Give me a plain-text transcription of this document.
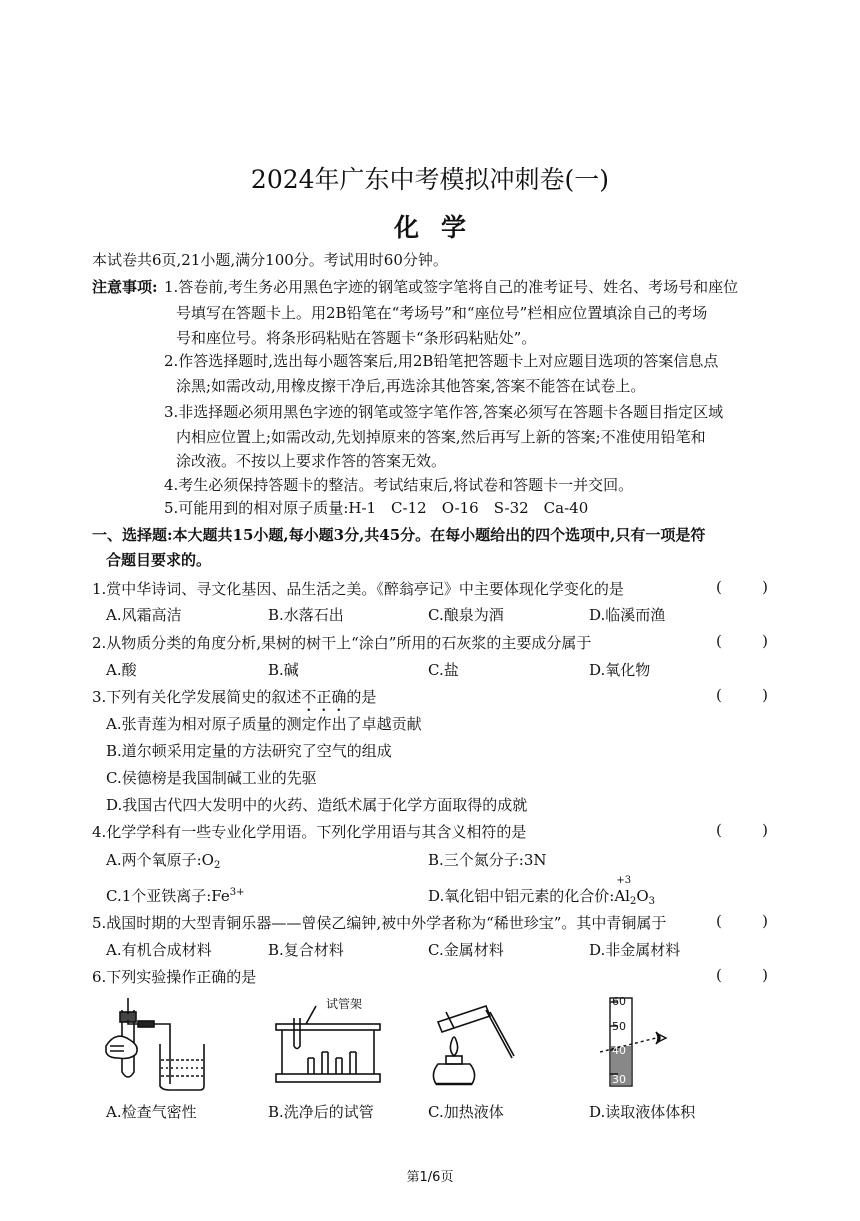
2024年广东中考模拟冲刺卷(一)
化学
本试卷共6页,21小题,满分100分。考试用时60分钟。
注意事项: 1.答卷前,考生务必用黑色字迹的钢笔或签字笔将自己的准考证号、姓名、考场号和座位
号填写在答题卡上。用2B铅笔在“考场号”和“座位号”栏相应位置填涂自己的考场
号和座位号。将条形码粘贴在答题卡“条形码粘贴处”。
2.作答选择题时,选出每小题答案后,用2B铅笔把答题卡上对应题目选项的答案信息点
涂黑;如需改动,用橡皮擦干净后,再选涂其他答案,答案不能答在试卷上。
3.非选择题必须用黑色字迹的钢笔或签字笔作答,答案必须写在答题卡各题目指定区域
内相应位置上;如需改动,先划掉原来的答案,然后再写上新的答案;不准使用铅笔和
涂改液。不按以上要求作答的答案无效。
4.考生必须保持答题卡的整洁。考试结束后,将试卷和答题卡一并交回。
5.可能用到的相对原子质量:H-1　C-12　O-16　S-32　Ca-40
一、选择题:本大题共15小题,每小题3分,共45分。在每小题给出的四个选项中,只有一项是符
合题目要求的。
1.赏中华诗词、寻文化基因、品生活之美。《醉翁亭记》中主要体现化学变化的是
(   )
A.风霜高洁	B.水落石出	C.酿泉为酒	D.临溪而渔
2.从物质分类的角度分析,果树的树干上“涂白”所用的石灰浆的主要成分属于
(   )
A.酸	B.碱	C.盐	D.氧化物
3.下列有关化学发展简史的叙述不正确的是
(   )
A.张青莲为相对原子质量的测定作出了卓越贡献
B.道尔顿采用定量的方法研究了空气的组成
C.侯德榜是我国制碱工业的先驱
D.我国古代四大发明中的火药、造纸术属于化学方面取得的成就
4.化学学科有一些专业化学用语。下列化学用语与其含义相符的是
(   )
A.两个氧原子$:O_2$	B.三个氮分子:3N
C.1个亚铁离子$:Fe^{3+}$	D.氧化铝中铝元素的化合价:
+3
$Al_2O_3$
5.战国时期的大型青铜乐器——曾侯乙编钟,被中外学者称为“稀世珍宝”。其中青铜属于
(   )
A.有机合成材料	B.复合材料	C.金属材料	D.非金属材料
6.下列实验操作正确的是
(   )
试管架	60
50
40
30
A.检查气密性	B.洗净后的试管	C.加热液体	D.读取液体体积
第1/6页
